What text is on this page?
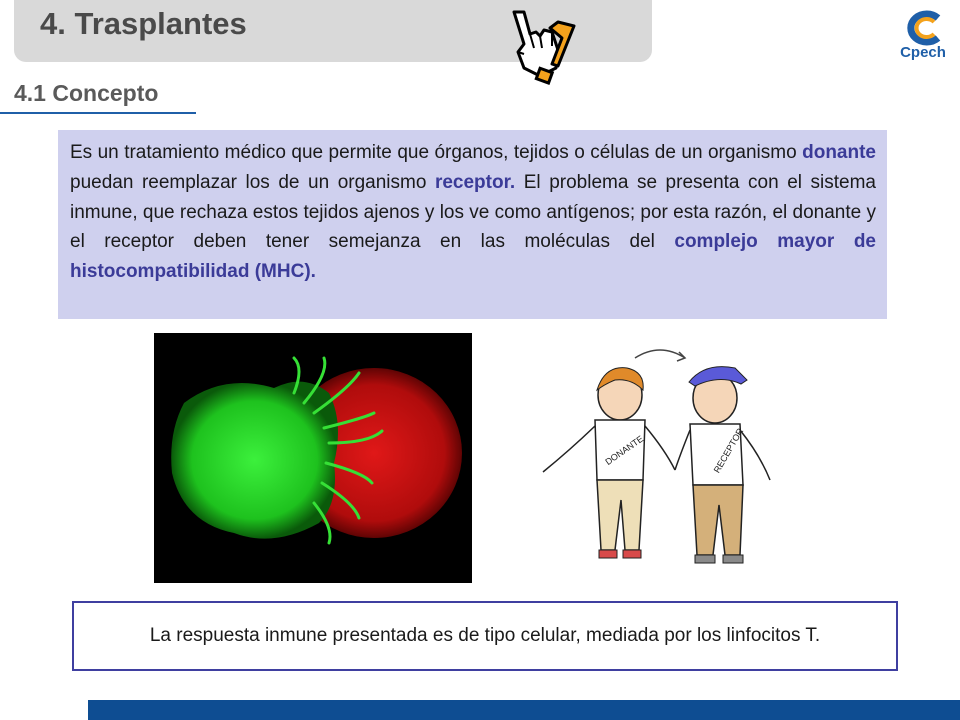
4. Trasplantes
Cpech
4.1 Concepto

Es un tratamiento médico que permite que órganos, tejidos o células de un organismo donante puedan reemplazar los de un organismo receptor. El problema se presenta con el sistema inmune, que rechaza estos tejidos ajenos y los ve como antígenos; por esta razón, el donante y el receptor deben tener semejanza en las moléculas del complejo mayor de histocompatibilidad (MHC).

DONANTE	RECEPTOR

La respuesta inmune presentada es de tipo celular, mediada por los linfocitos T.
